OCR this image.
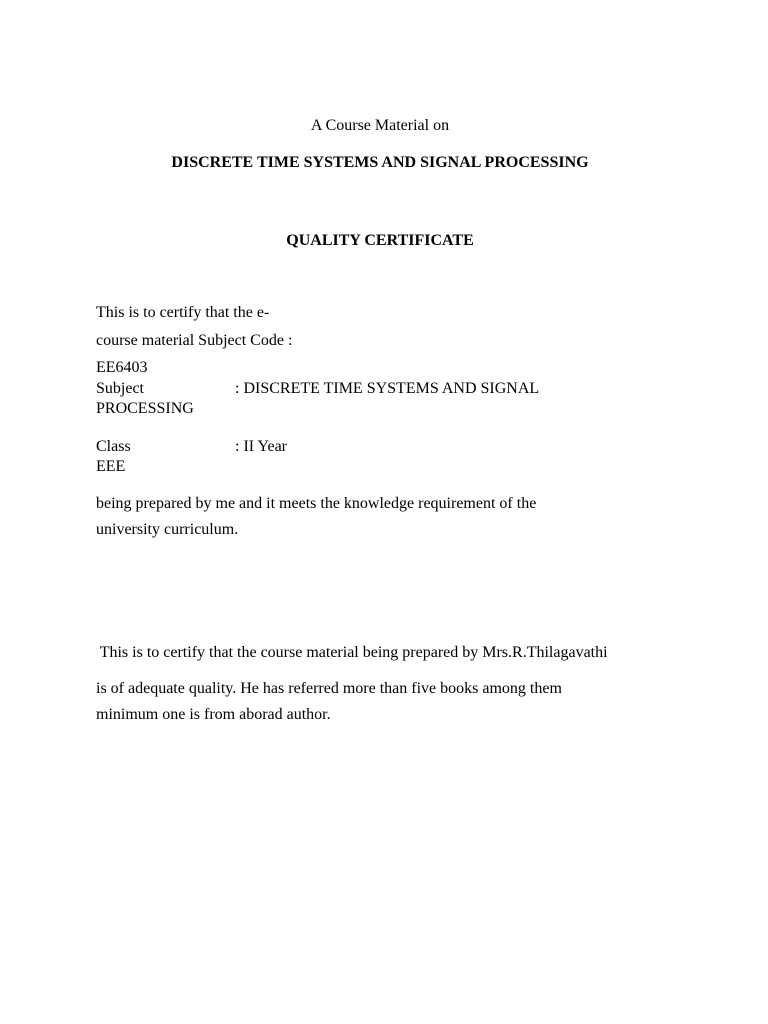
A Course Material on
DISCRETE TIME SYSTEMS AND SIGNAL PROCESSING
QUALITY CERTIFICATE
This is to certify that the e-
course material Subject Code :
EE6403
Subject	: DISCRETE TIME SYSTEMS AND SIGNAL
PROCESSING
Class	: II Year
EEE
being prepared by me and it meets the knowledge requirement of the
university curriculum.
This is to certify that the course material being prepared by Mrs.R.Thilagavathi
is of adequate quality. He has referred more than five books among them
minimum one is from aborad author.
